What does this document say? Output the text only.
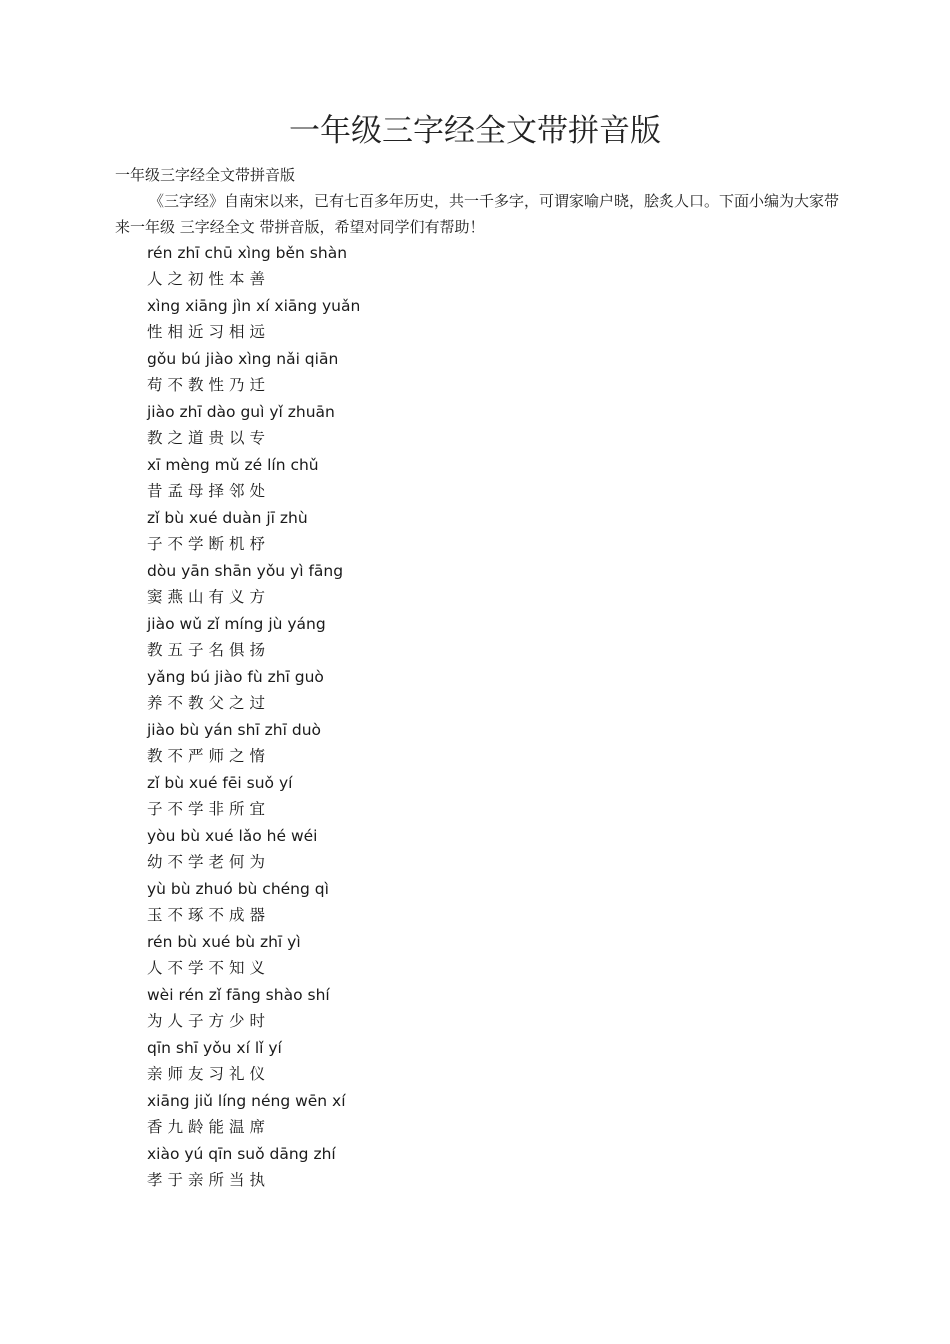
一年级三字经全文带拼音版

一年级三字经全文带拼音版

《三字经》自南宋以来，已有七百多年历史，共一千多字，可谓家喻户晓，脍炙人口。下面小编为大家带来一年级 三字经全文 带拼音版，希望对同学们有帮助！

rén zhī chū xìng běn shàn
人之初性本善
xìng xiāng jìn xí xiāng yuǎn
性相近习相远
gǒu bú jiào xìng nǎi qiān
苟不教性乃迁
jiào zhī dào guì yǐ zhuān
教之道贵以专
xī mèng mǔ zé lín chǔ
昔孟母择邻处
zǐ bù xué duàn jī zhù
子不学断机杼
dòu yān shān yǒu yì fāng
窦燕山有义方
jiào wǔ zǐ míng jù yáng
教五子名俱扬
yǎng bú jiào fù zhī guò
养不教父之过
jiào bù yán shī zhī duò
教不严师之惰
zǐ bù xué fēi suǒ yí
子不学非所宜
yòu bù xué lǎo hé wéi
幼不学老何为
yù bù zhuó bù chéng qì
玉不琢不成器
rén bù xué bù zhī yì
人不学不知义
wèi rén zǐ fāng shào shí
为人子方少时
qīn shī yǒu xí lǐ yí
亲师友习礼仪
xiāng jiǔ líng néng wēn xí
香九龄能温席
xiào yú qīn suǒ dāng zhí
孝于亲所当执
